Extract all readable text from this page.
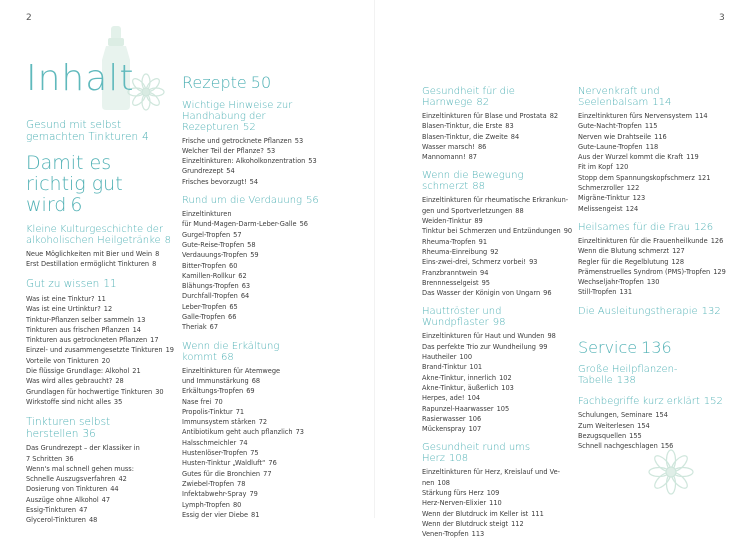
2	3
Inhalt
Gesund mit selbst gemachten Tinkturen 4
Damit es
richtig gut wird 6
Kleine Kulturgeschichte der
alkoholischen Heilgetränke 8
Neue Möglichkeiten mit Bier und Wein 8
Erst Destillation ermöglicht Tinkturen 8
Gut zu wissen 11
Was ist eine Tinktur? 11
Was ist eine Urtinktur? 12
Tinktur-Pflanzen selber sammeln 13
Tinkturen aus frischen Pflanzen 14
Tinkturen aus getrockneten Pflanzen 17
Einzel- und zusammengesetzte Tinkturen 19
Vorteile von Tinkturen 20
Die flüssige Grundlage: Alkohol 21
Was wird alles gebraucht? 28
Grundlagen für hochwertige Tinkturen 30
Wirkstoffe sind nicht alles 35
Tinkturen selbst herstellen 36
Das Grundrezept – der Klassiker in
7 Schritten 36
Wenn's mal schnell gehen muss:
Schnelle Auszugsverfahren 42
Dosierung von Tinkturen 44
Auszüge ohne Alkohol 47
Essig-Tinkturen 47
Glycerol-Tinkturen 48
Rezepte 50
Wichtige Hinweise zur
Handhabung der Rezepturen 52
Frische und getrocknete Pflanzen 53
Welcher Teil der Pflanze? 53
Einzeltinkturen: Alkoholkonzentration 53
Grundrezept 54
Frisches bevorzugt! 54
Rund um die Verdauung 56
Einzeltinkturen
für Mund-Magen-Darm-Leber-Galle 56
Gurgel-Tropfen 57
Gute-Reise-Tropfen 58
Verdauungs-Tropfen 59
Bitter-Tropfen 60
Kamillen-Rollkur 62
Blähungs-Tropfen 63
Durchfall-Tropfen 64
Leber-Tropfen 65
Galle-Tropfen 66
Theriak 67
Wenn die Erkältung kommt 68
Einzeltinkturen für Atemwege
und Immunstärkung 68
Erkältungs-Tropfen 69
Nase frei 70
Propolis-Tinktur 71
Immunsystem stärken 72
Antibiotikum geht auch pflanzlich 73
Halsschmeichler 74
Hustenlöser-Tropfen 75
Husten-Tinktur „Waldluft“ 76
Gutes für die Bronchien 77
Zwiebel-Tropfen 78
Infektabwehr-Spray 79
Lymph-Tropfen 80
Essig der vier Diebe 81
Gesundheit für die Harnwege 82
Einzeltinkturen für Blase und Prostata 82
Blasen-Tinktur, die Erste 83
Blasen-Tinktur, die Zweite 84
Wasser marsch! 86
Mannomann! 87
Wenn die Bewegung schmerzt 88
Einzeltinkturen für rheumatische Erkrankun-
gen und Sportverletzungen 88
Weiden-Tinktur 89
Tinktur bei Schmerzen und Entzündungen 90
Rheuma-Tropfen 91
Rheuma-Einreibung 92
Eins-zwei-drei, Schmerz vorbei! 93
Franzbranntwein 94
Brennnesselgeist 95
Das Wasser der Königin von Ungarn 96
Hauttröster und Wundpflaster 98
Einzeltinkturen für Haut und Wunden 98
Das perfekte Trio zur Wundheilung 99
Hautheiler 100
Brand-Tinktur 101
Akne-Tinktur, innerlich 102
Akne-Tinktur, äußerlich 103
Herpes, ade! 104
Rapunzel-Haarwasser 105
Rasierwasser 106
Mückenspray 107
Gesundheit rund ums Herz 108
Einzeltinkturen für Herz, Kreislauf und Ve-
nen 108
Stärkung fürs Herz 109
Herz-Nerven-Elixier 110
Wenn der Blutdruck im Keller ist 111
Wenn der Blutdruck steigt 112
Venen-Tropfen 113
Nervenkraft und Seelenbalsam 114
Einzeltinkturen fürs Nervensystem 114
Gute-Nacht-Tropfen 115
Nerven wie Drahtseile 116
Gute-Laune-Tropfen 118
Aus der Wurzel kommt die Kraft 119
Fit im Kopf 120
Stopp dem Spannungskopfschmerz 121
Schmerzroller 122
Migräne-Tinktur 123
Melissengeist 124
Heilsames für die Frau 126
Einzeltinkturen für die Frauenheilkunde 126
Wenn die Blutung schmerzt 127
Regler für die Regelblutung 128
Prämenstruelles Syndrom (PMS)-Tropfen 129
Wechseljahr-Tropfen 130
Still-Tropfen 131
Die Ausleitungstherapie 132
Service 136
Große Heilpflanzen-Tabelle 138
Fachbegriffe kurz erklärt 152
Schulungen, Seminare 154
Zum Weiterlesen 154
Bezugsquellen 155
Schnell nachgeschlagen 156
